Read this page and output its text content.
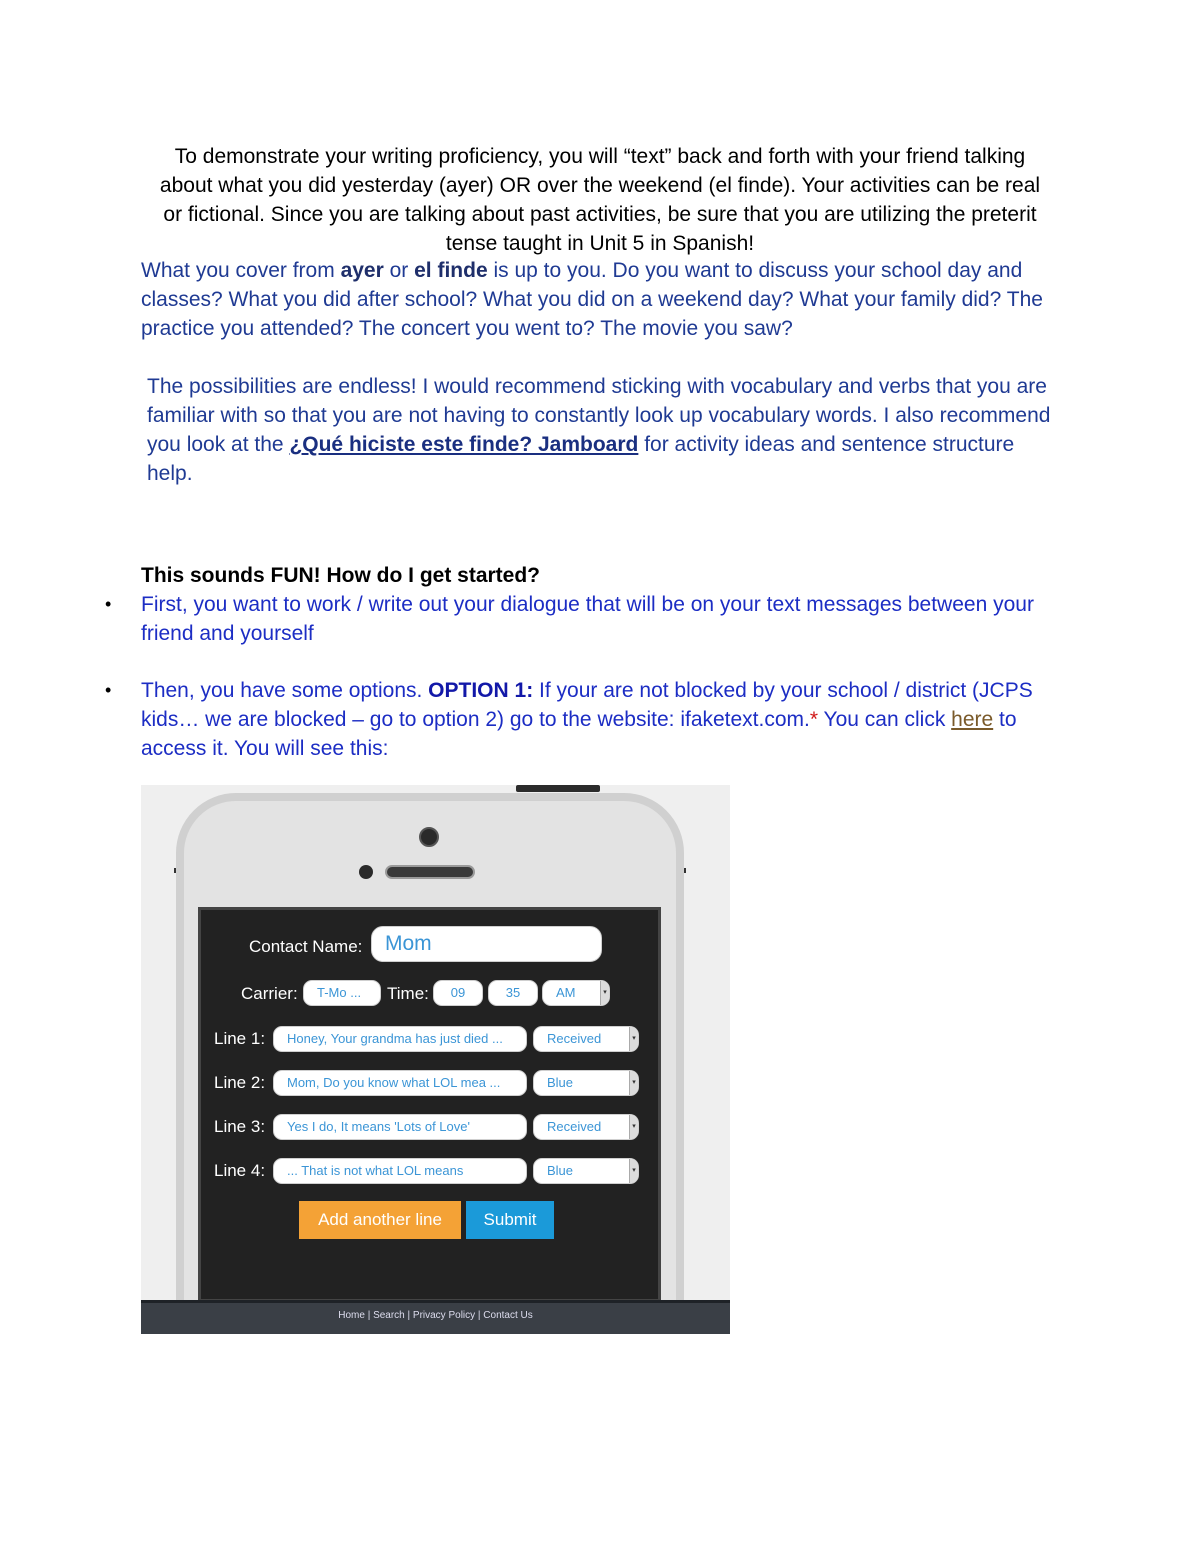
To demonstrate your writing proficiency, you will “text” back and forth with your friend talking

about what you did yesterday (ayer) OR over the weekend (el finde). Your activities can be real

or fictional. Since you are talking about past activities, be sure that you are utilizing the preterit

tense taught in Unit 5 in Spanish!

What you cover from ayer or el finde is up to you. Do you want to discuss your school day and classes? What you did after school? What you did on a weekend day? What your family did? The practice you attended? The concert you went to? The movie you saw?

The possibilities are endless! I would recommend sticking with vocabulary and verbs that you are familiar with so that you are not having to constantly look up vocabulary words. I also recommend you look at the ¿Qué hiciste este finde? Jamboard for activity ideas and sentence structure help.

This sounds FUN! How do I get started?
• First, you want to work / write out your dialogue that will be on your text messages between your friend and yourself
• Then, you have some options. OPTION 1: If your are not blocked by your school / district (JCPS kids… we are blocked – go to option 2) go to the website: ifaketext.com.* You can click here to access it. You will see this:
Contact Name:	Mom
Carrier:	T-Mo ...	Time:	09	35	AM	▾
Line 1:	Honey, Your grandma has just died ...	Received	▾
Line 2:	Mom, Do you know what LOL mea ...	Blue	▾
Line 3:	Yes I do, It means 'Lots of Love'	Received	▾
Line 4:	... That is not what LOL means	Blue	▾
Add another line	Submit
Home | Search | Privacy Policy | Contact Us
